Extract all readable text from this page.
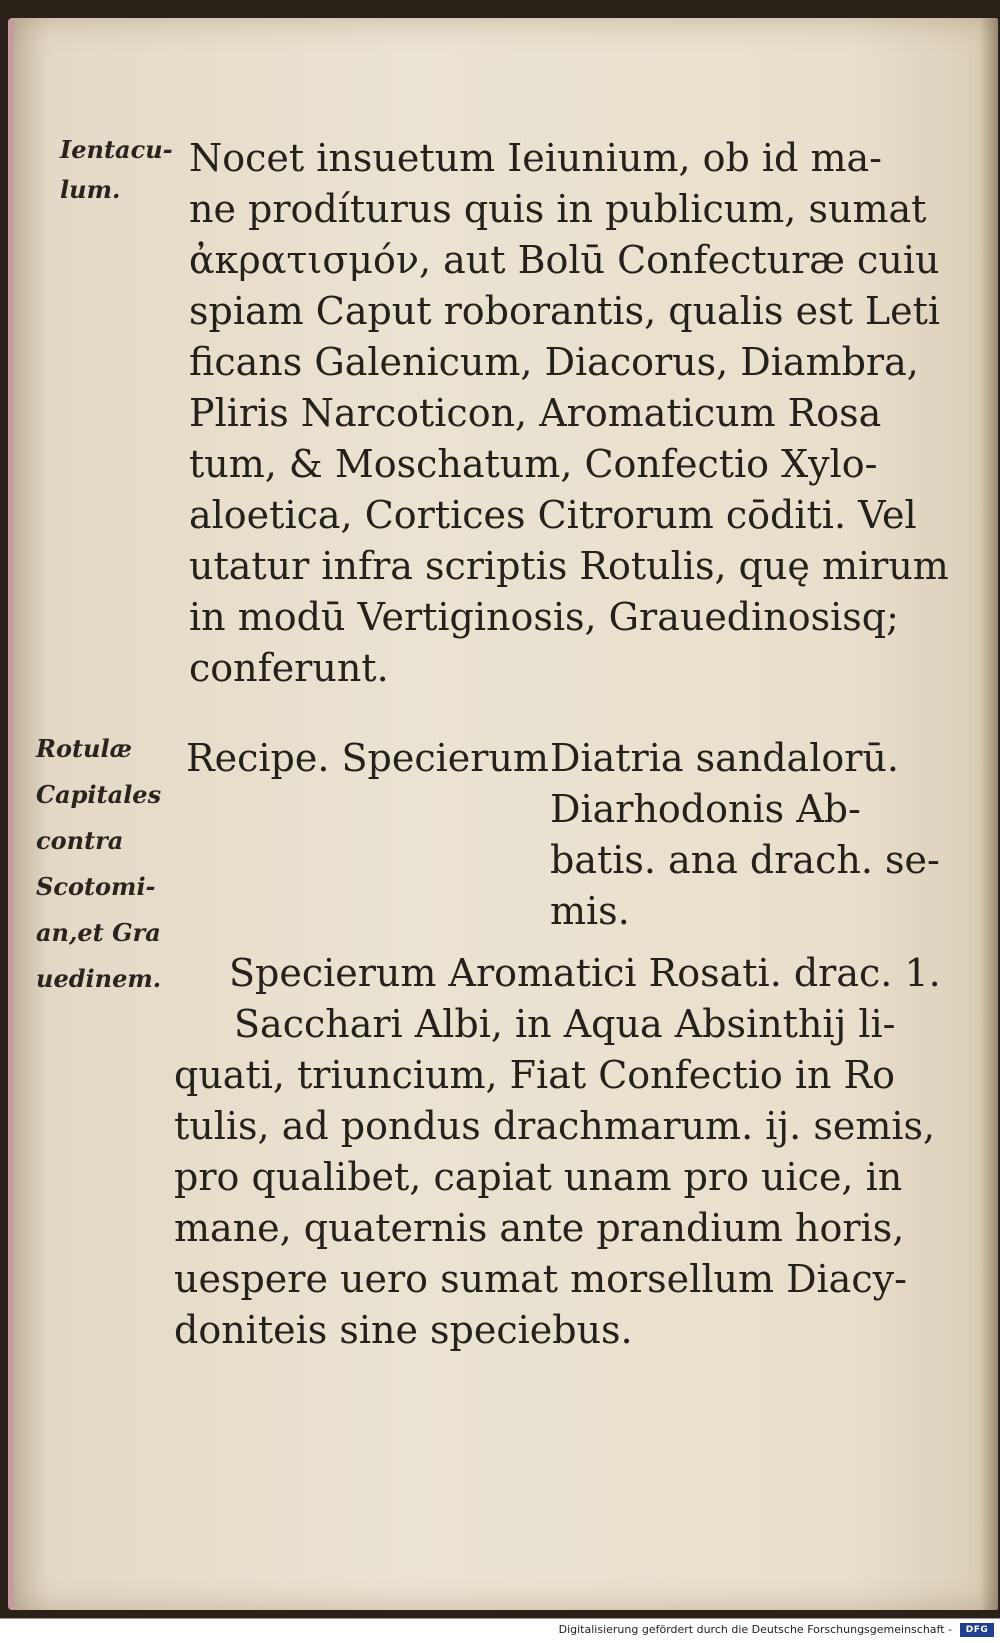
Ientacu-
lum.
Nocet insuetum Ieiunium, ob id ma-
ne prodíturus quis in publicum, sumat
ἀκρατισμόν, aut Bolū Confecturæ cuiu
spiam Caput roborantis, qualis est Leti
ficans Galenicum, Diacorus, Diambra,
Pliris Narcoticon, Aromaticum Rosa
tum, & Moschatum, Confectio Xylo-
aloetica, Cortices Citrorum cōditi. Vel
utatur infra scriptis Rotulis, quę mirum
in modū Vertiginosis, Grauedinosisq;
conferunt.
Rotulæ
Capitales
contra
Scotomi-
an,et Gra
uedinem.
Recipe. Specierum Diatria sandalorū.
Diarhodonis Ab-
batis. ana drach. se-
mis.
Specierum Aromatici Rosati. drac. 1.
Sacchari Albi, in Aqua Absinthij li-
quati, triuncium, Fiat Confectio in Ro
tulis, ad pondus drachmarum. ij. semis,
pro qualibet, capiat unam pro uice, in
mane, quaternis ante prandium horis,
uespere uero sumat morsellum Diacy-
doniteis sine speciebus.
Digitalisierung gefördert durch die Deutsche Forschungsgemeinschaft -	DFG
